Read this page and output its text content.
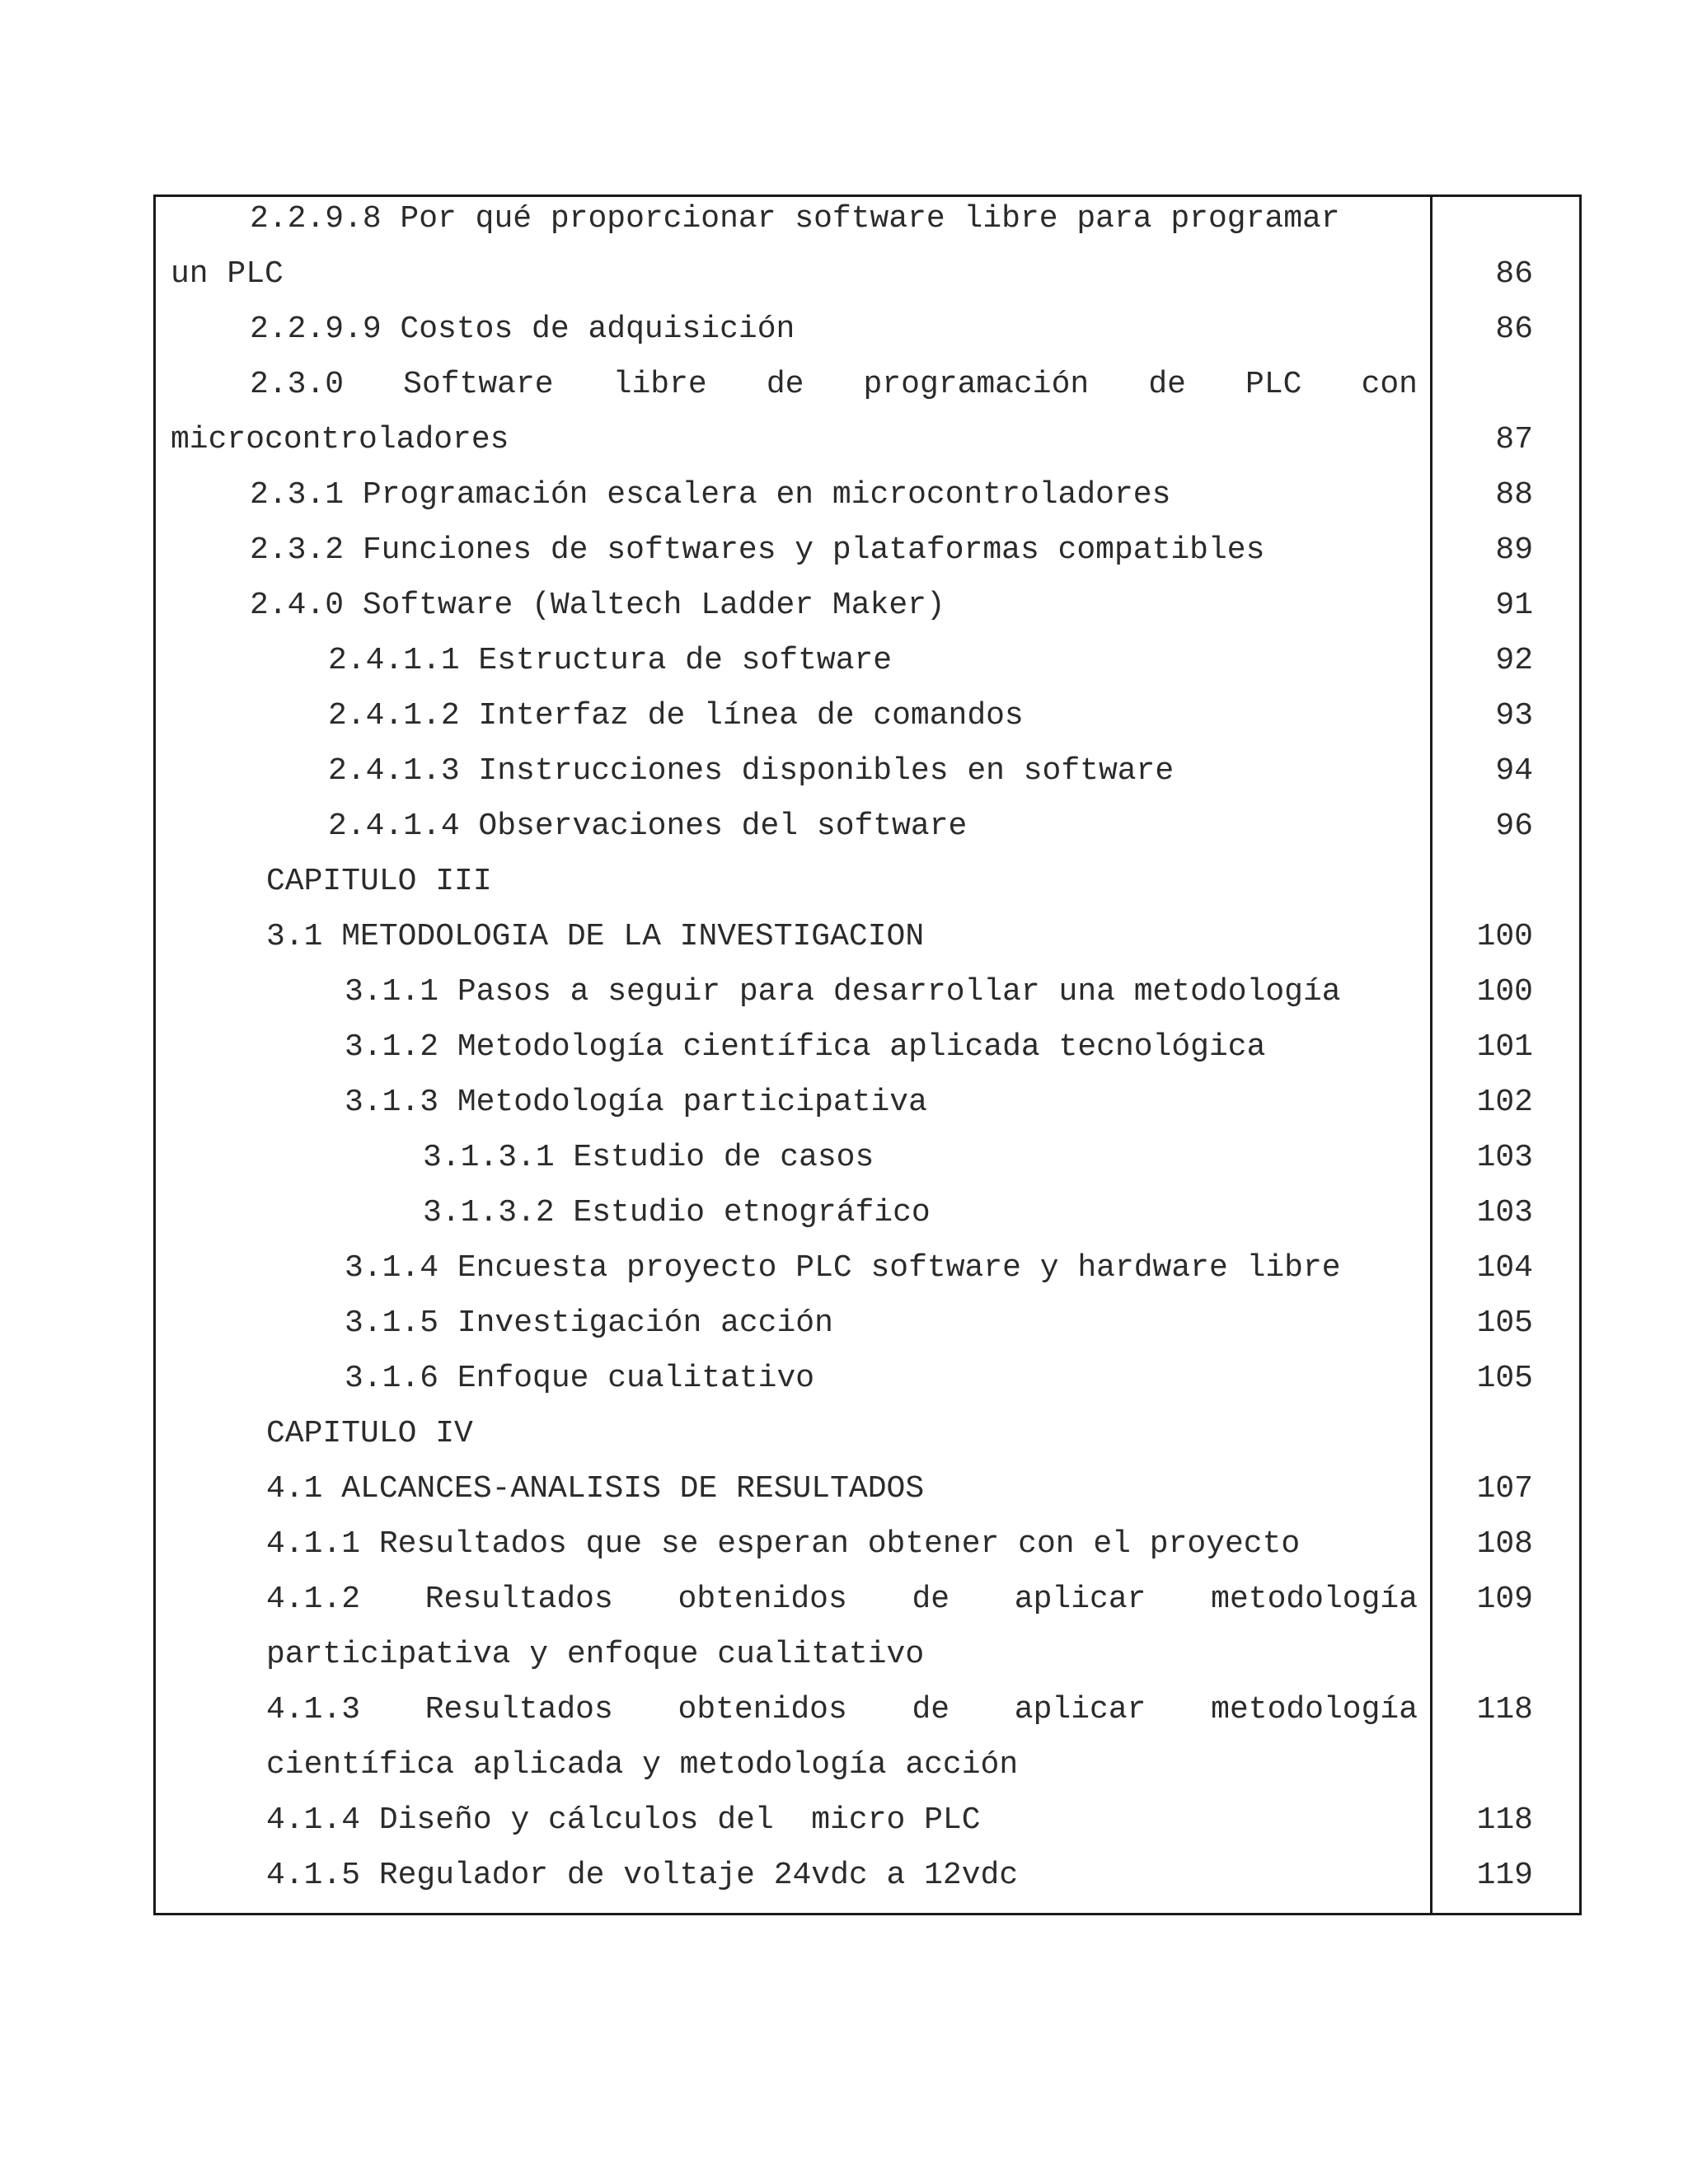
2.2.9.8 Por qué proporcionar software libre para programar
un PLC	86
2.2.9.9 Costos de adquisición	86
2.3.0 Software libre de programación de PLC con
microcontroladores	87
2.3.1 Programación escalera en microcontroladores	88
2.3.2 Funciones de softwares y plataformas compatibles	89
2.4.0 Software (Waltech Ladder Maker)	91
2.4.1.1 Estructura de software	92
2.4.1.2 Interfaz de línea de comandos	93
2.4.1.3 Instrucciones disponibles en software	94
2.4.1.4 Observaciones del software	96
CAPITULO III
3.1 METODOLOGIA DE LA INVESTIGACION	100
3.1.1 Pasos a seguir para desarrollar una metodología	100
3.1.2 Metodología científica aplicada tecnológica	101
3.1.3 Metodología participativa	102
3.1.3.1 Estudio de casos	103
3.1.3.2 Estudio etnográfico	103
3.1.4 Encuesta proyecto PLC software y hardware libre	104
3.1.5 Investigación acción	105
3.1.6 Enfoque cualitativo	105
CAPITULO IV
4.1 ALCANCES-ANALISIS DE RESULTADOS	107
4.1.1 Resultados que se esperan obtener con el proyecto	108
4.1.2 Resultados obtenidos de aplicar metodología 109
participativa y enfoque cualitativo
4.1.3 Resultados obtenidos de aplicar metodología 118
científica aplicada y metodología acción
4.1.4 Diseño y cálculos del  micro PLC	118
4.1.5 Regulador de voltaje 24vdc a 12vdc	119
